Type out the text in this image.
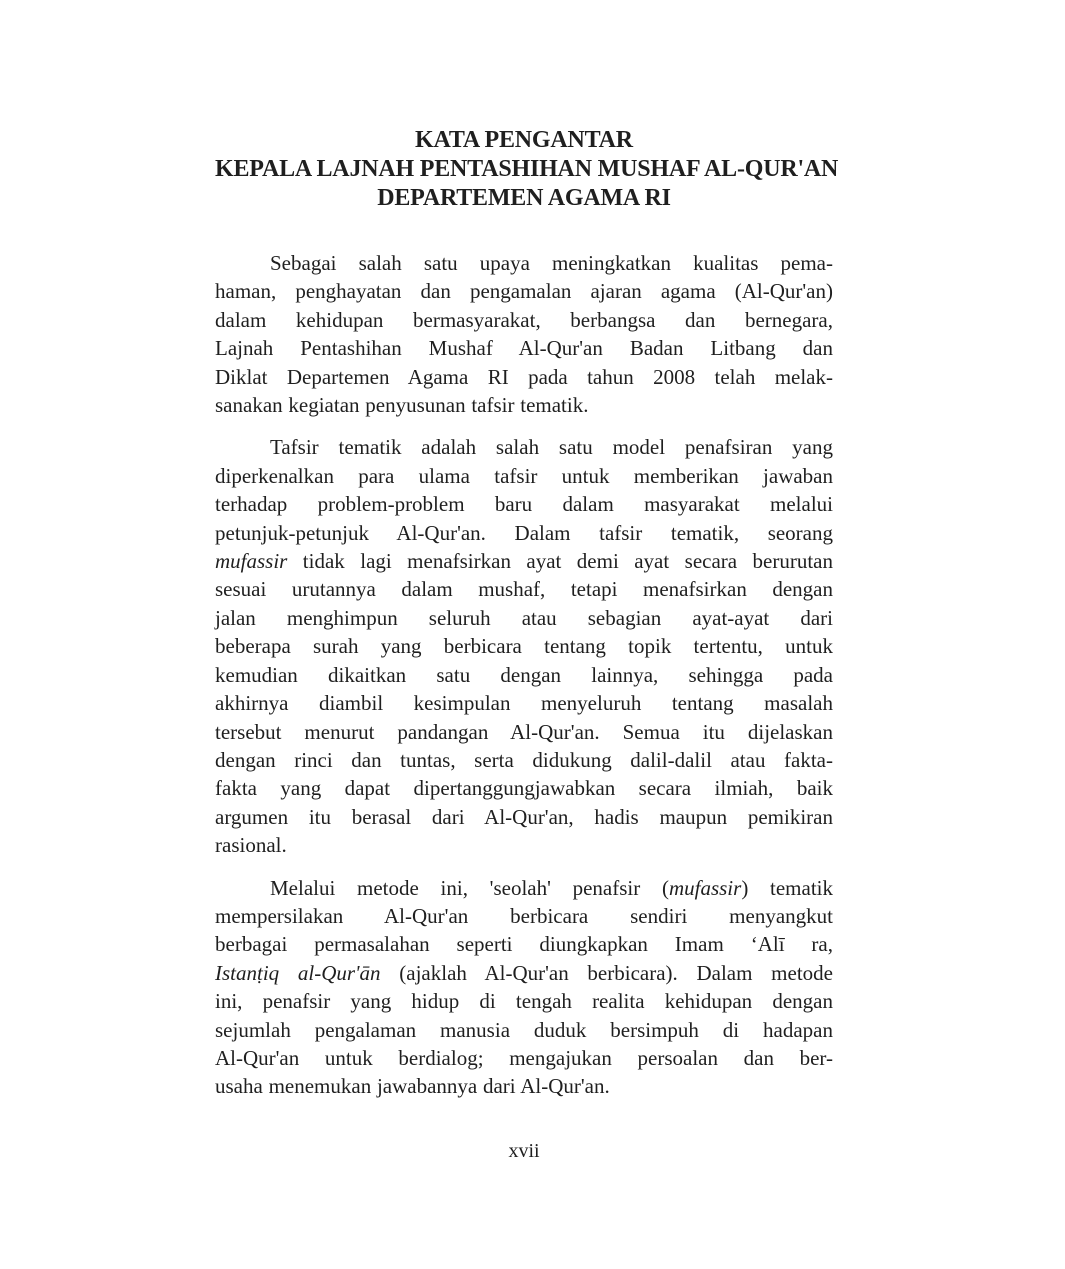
KATA PENGANTAR
KEPALA LAJNAH PENTASHIHAN MUSHAF AL-QUR'AN
DEPARTEMEN AGAMA RI
Sebagai salah satu upaya meningkatkan kualitas pema-
haman, penghayatan dan pengamalan ajaran agama (Al-Qur'an)
dalam kehidupan bermasyarakat, berbangsa dan bernegara,
Lajnah Pentashihan Mushaf Al-Qur'an Badan Litbang dan
Diklat Departemen Agama RI pada tahun 2008 telah melak-
sanakan kegiatan penyusunan tafsir tematik.
Tafsir tematik adalah salah satu model penafsiran yang
diperkenalkan para ulama tafsir untuk memberikan jawaban
terhadap problem-problem baru dalam masyarakat melalui
petunjuk-petunjuk Al-Qur'an. Dalam tafsir tematik, seorang
mufassir tidak lagi menafsirkan ayat demi ayat secara berurutan
sesuai urutannya dalam mushaf, tetapi menafsirkan dengan
jalan menghimpun seluruh atau sebagian ayat-ayat dari
beberapa surah yang berbicara tentang topik tertentu, untuk
kemudian dikaitkan satu dengan lainnya, sehingga pada
akhirnya diambil kesimpulan menyeluruh tentang masalah
tersebut menurut pandangan Al-Qur'an. Semua itu dijelaskan
dengan rinci dan tuntas, serta didukung dalil-dalil atau fakta-
fakta yang dapat dipertanggungjawabkan secara ilmiah, baik
argumen itu berasal dari Al-Qur'an, hadis maupun pemikiran
rasional.
Melalui metode ini, 'seolah' penafsir (mufassir) tematik
mempersilakan Al-Qur'an berbicara sendiri menyangkut
berbagai permasalahan seperti diungkapkan Imam ‘Alī ra,
Istanṭiq al-Qur'ān (ajaklah Al-Qur'an berbicara). Dalam metode
ini, penafsir yang hidup di tengah realita kehidupan dengan
sejumlah pengalaman manusia duduk bersimpuh di hadapan
Al-Qur'an untuk berdialog; mengajukan persoalan dan ber-
usaha menemukan jawabannya dari Al-Qur'an.
xvii
